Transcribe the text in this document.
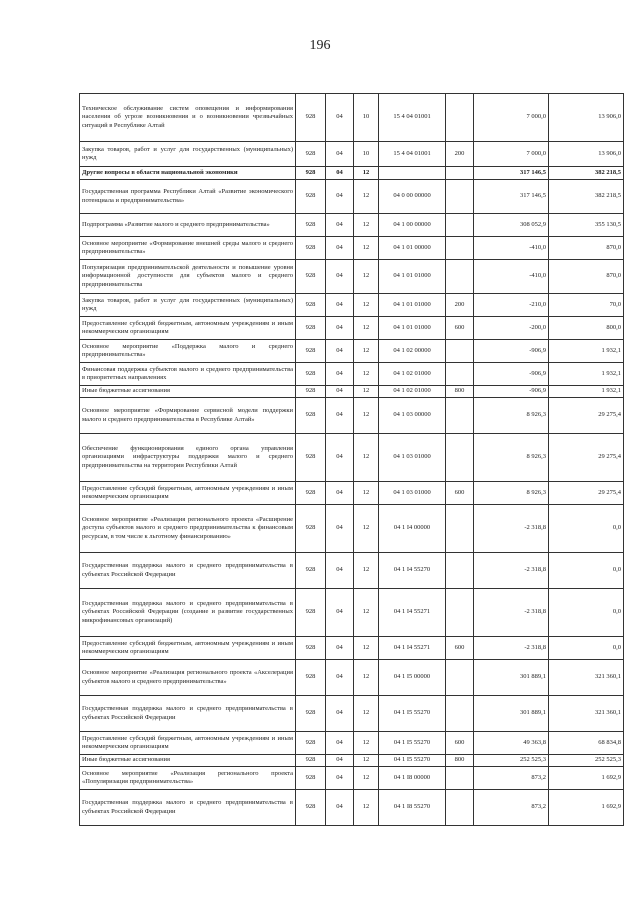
196
Техническое обслуживание систем оповещения и информирования населения об угрозе возникновения и о возникновении чрезвычайных ситуаций в Республике Алтай	928	04	10	15 4 04 01001		7 000,0	13 906,0
Закупка товаров, работ и услуг для государственных (муниципальных) нужд	928	04	10	15 4 04 01001	200	7 000,0	13 906,0
Другие вопросы в области национальной экономики	928	04	12			317 146,5	382 218,5
Государственная программа Республики Алтай «Развитие экономического потенциала и предпринимательства»	928	04	12	04 0 00 00000		317 146,5	382 218,5
Подпрограмма «Развитие малого и среднего предпринимательства»	928	04	12	04 1 00 00000		308 052,9	355 130,5
Основное мероприятие «Формирование внешней среды малого и среднего предпринимательства»	928	04	12	04 1 01 00000		-410,0	870,0
Популяризация предпринимательской деятельности и повышение уровня информационной доступности для субъектов малого и среднего предпринимательства	928	04	12	04 1 01 01000		-410,0	870,0
Закупка товаров, работ и услуг для государственных (муниципальных) нужд	928	04	12	04 1 01 01000	200	-210,0	70,0
Предоставление субсидий бюджетным, автономным учреждениям и иным некоммерческим организациям	928	04	12	04 1 01 01000	600	-200,0	800,0
Основное мероприятие «Поддержка малого и среднего предпринимательства»	928	04	12	04 1 02 00000		-906,9	1 932,1
Финансовая поддержка субъектов малого и среднего предпринимательства в приоритетных направлениях	928	04	12	04 1 02 01000		-906,9	1 932,1
Иные бюджетные ассигнования	928	04	12	04 1 02 01000	800	-906,9	1 932,1
Основное мероприятие «Формирование сервисной модели поддержки малого и среднего предпринимательства в Республике Алтай»	928	04	12	04 1 03 00000		8 926,3	29 275,4
Обеспечение функционирования единого органа управления организациями инфраструктуры поддержки малого и среднего предпринимательства на территории Республики Алтай	928	04	12	04 1 03 01000		8 926,3	29 275,4
Предоставление субсидий бюджетным, автономным учреждениям и иным некоммерческим организациям	928	04	12	04 1 03 01000	600	8 926,3	29 275,4
Основное мероприятие «Реализация регионального проекта «Расширение доступа субъектов малого и среднего предпринимательства к финансовым ресурсам, в том числе к льготному финансированию»	928	04	12	04 1 I4 00000		-2 318,8	0,0
Государственная поддержка малого и среднего предпринимательства в субъектах Российской Федерации	928	04	12	04 1 I4 55270		-2 318,8	0,0
Государственная поддержка малого и среднего предпринимательства в субъектах Российской Федерации (создание и развитие государственных микрофинансовых организаций)	928	04	12	04 1 I4 55271		-2 318,8	0,0
Предоставление субсидий бюджетным, автономным учреждениям и иным некоммерческим организациям	928	04	12	04 1 I4 55271	600	-2 318,8	0,0
Основное мероприятие «Реализация регионального проекта «Акселерация субъектов малого и среднего предпринимательства»	928	04	12	04 1 I5 00000		301 889,1	321 360,1
Государственная поддержка малого и среднего предпринимательства в субъектах Российской Федерации	928	04	12	04 1 I5 55270		301 889,1	321 360,1
Предоставление субсидий бюджетным, автономным учреждениям и иным некоммерческим организациям	928	04	12	04 1 I5 55270	600	49 363,8	68 834,8
Иные бюджетные ассигнования	928	04	12	04 1 I5 55270	800	252 525,3	252 525,3
Основное мероприятие «Реализация регионального проекта «Популяризация предпринимательства»	928	04	12	04 1 I8 00000		873,2	1 692,9
Государственная поддержка малого и среднего предпринимательства в субъектах Российской Федерации	928	04	12	04 1 I8 55270		873,2	1 692,9
